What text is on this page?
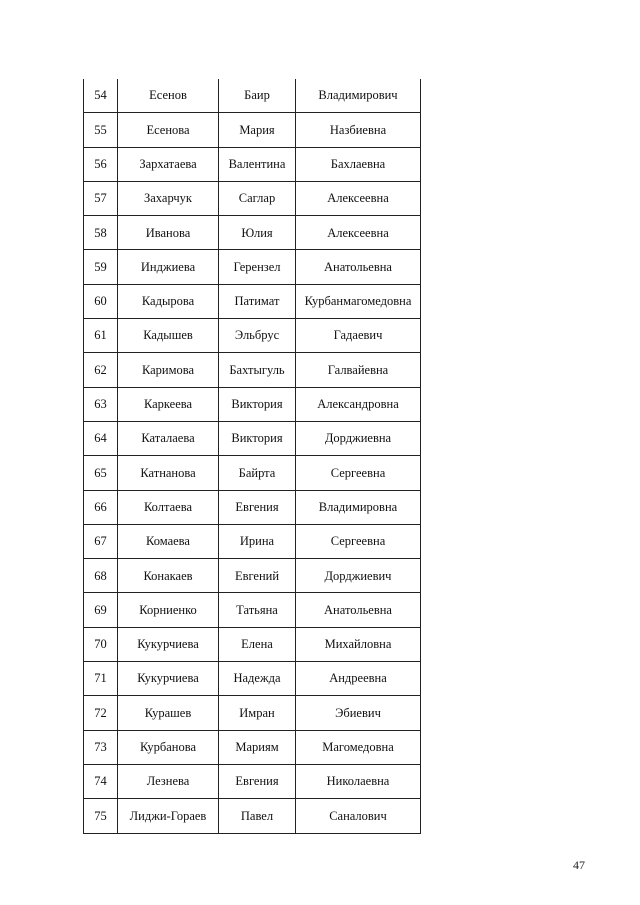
54	Есенов	Баир	Владимирович
55	Есенова	Мария	Назбиевна
56	Зархатаева	Валентина	Бахлаевна
57	Захарчук	Саглар	Алексеевна
58	Иванова	Юлия	Алексеевна
59	Инджиева	Герензел	Анатольевна
60	Кадырова	Патимат	Курбанмагомедовна
61	Кадышев	Эльбрус	Гадаевич
62	Каримова	Бахтыгуль	Галвайевна
63	Каркеева	Виктория	Александровна
64	Каталаева	Виктория	Дорджиевна
65	Катнанова	Байрта	Сергеевна
66	Колтаева	Евгения	Владимировна
67	Комаева	Ирина	Сергеевна
68	Конакаев	Евгений	Дорджиевич
69	Корниенко	Татьяна	Анатольевна
70	Кукурчиева	Елена	Михайловна
71	Кукурчиева	Надежда	Андреевна
72	Курашев	Имран	Эбиевич
73	Курбанова	Мариям	Магомедовна
74	Лезнева	Евгения	Николаевна
75	Лиджи-Гораев	Павел	Саналович
47
